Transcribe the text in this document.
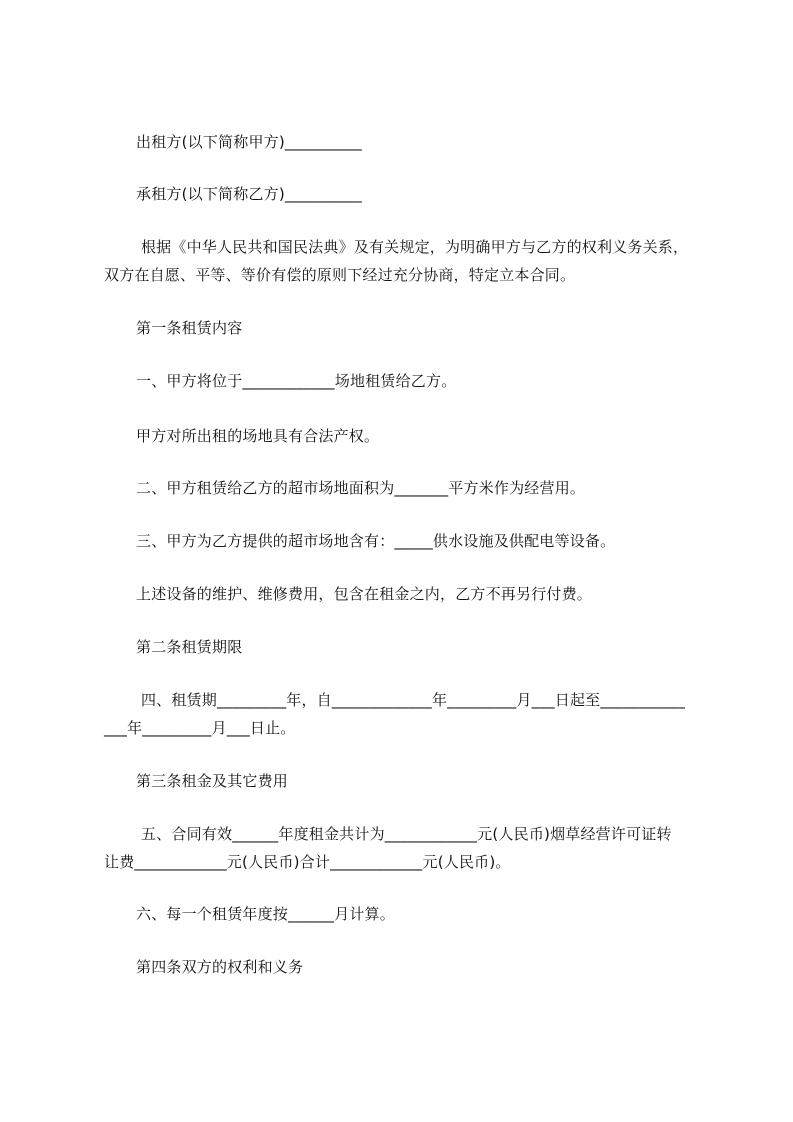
出租方(以下简称甲方)__________
承租方(以下简称乙方)__________
根据《中华人民共和国民法典》及有关规定，为明确甲方与乙方的权利义务关系，
双方在自愿、平等、等价有偿的原则下经过充分协商，特定立本合同。
第一条租赁内容
一、甲方将位于____________场地租赁给乙方。
甲方对所出租的场地具有合法产权。
二、甲方租赁给乙方的超市场地面积为_______平方米作为经营用。
三、甲方为乙方提供的超市场地含有：_____供水设施及供配电等设备。
上述设备的维护、维修费用，包含在租金之内，乙方不再另行付费。
第二条租赁期限
四、租赁期_________年，自_____________年_________月___日起至___________
___年_________月___日止。
第三条租金及其它费用
五、合同有效______年度租金共计为____________元(人民币)烟草经营许可证转
让费____________元(人民币)合计____________元(人民币)。
六、每一个租赁年度按______月计算。
第四条双方的权利和义务
